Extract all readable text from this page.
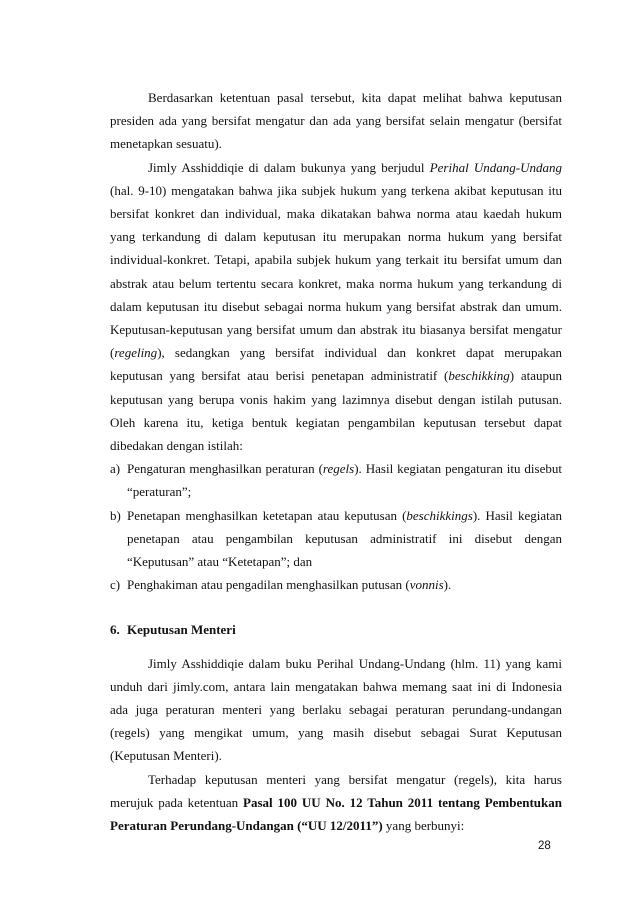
Berdasarkan ketentuan pasal tersebut, kita dapat melihat bahwa keputusan presiden ada yang bersifat mengatur dan ada yang bersifat selain mengatur (bersifat menetapkan sesuatu).

Jimly Asshiddiqie di dalam bukunya yang berjudul Perihal Undang-Undang (hal. 9-10) mengatakan bahwa jika subjek hukum yang terkena akibat keputusan itu bersifat konkret dan individual, maka dikatakan bahwa norma atau kaedah hukum yang terkandung di dalam keputusan itu merupakan norma hukum yang bersifat individual-konkret. Tetapi, apabila subjek hukum yang terkait itu bersifat umum dan abstrak atau belum tertentu secara konkret, maka norma hukum yang terkandung di dalam keputusan itu disebut sebagai norma hukum yang bersifat abstrak dan umum. Keputusan-keputusan yang bersifat umum dan abstrak itu biasanya bersifat mengatur (regeling), sedangkan yang bersifat individual dan konkret dapat merupakan keputusan yang bersifat atau berisi penetapan administratif (beschikking) ataupun keputusan yang berupa vonis hakim yang lazimnya disebut dengan istilah putusan. Oleh karena itu, ketiga bentuk kegiatan pengambilan keputusan tersebut dapat dibedakan dengan istilah:

a) Pengaturan menghasilkan peraturan (regels). Hasil kegiatan pengaturan itu disebut “peraturan”;
b) Penetapan menghasilkan ketetapan atau keputusan (beschikkings). Hasil kegiatan penetapan atau pengambilan keputusan administratif ini disebut dengan “Keputusan” atau “Ketetapan”; dan
c) Penghakiman atau pengadilan menghasilkan putusan (vonnis).

6. Keputusan Menteri

Jimly Asshiddiqie dalam buku Perihal Undang-Undang (hlm. 11) yang kami unduh dari jimly.com, antara lain mengatakan bahwa memang saat ini di Indonesia ada juga peraturan menteri yang berlaku sebagai peraturan perundang-undangan (regels) yang mengikat umum, yang masih disebut sebagai Surat Keputusan (Keputusan Menteri).

Terhadap keputusan menteri yang bersifat mengatur (regels), kita harus merujuk pada ketentuan Pasal 100 UU No. 12 Tahun 2011 tentang Pembentukan Peraturan Perundang-Undangan (“UU 12/2011”) yang berbunyi:

28
